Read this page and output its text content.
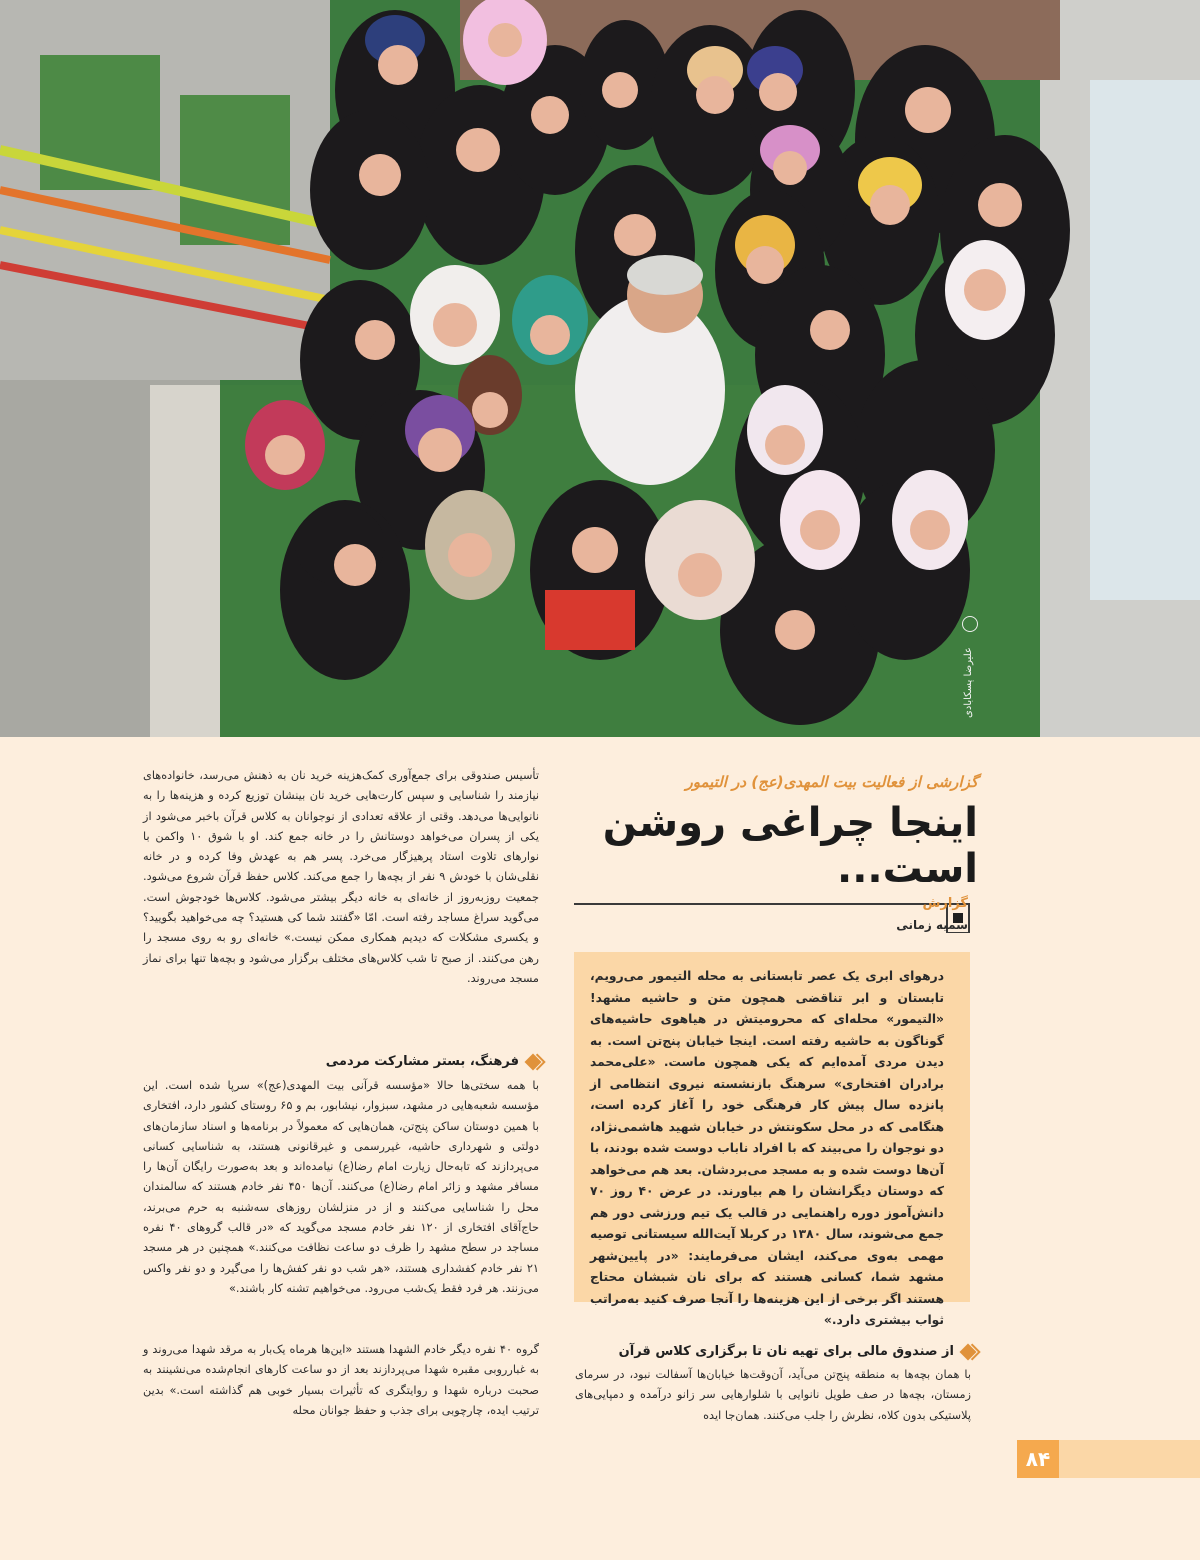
علیرضا پسکابادی
گزارشی از فعالیت بیت المهدی(عج) در التیمور
اینجا چراغی روشن است...
گزارش
سمیه زمانی

درهوای ابری یک عصر تابستانی به محله التیمور می‌رویم، تابستان و ابر تناقضی همچون متن و حاشیه مشهد! «التیمور» محله‌ای که محرومیتش در هیاهوی حاشیه‌های گوناگون به حاشیه رفته است. اینجا خیابان پنج‌تن است. به دیدن مردی آمده‌ایم که یکی همچون ماست. «علی‌محمد برادران افتخاری» سرهنگ بازنشسته نیروی انتظامی از پانزده سال پیش کار فرهنگی خود را آغاز کرده است، هنگامی که در محل سکونتش در خیابان شهید هاشمی‌نژاد، دو نوجوان را می‌بیند که با افراد ناباب دوست شده بودند، با آن‌ها دوست شده و به مسجد می‌بردشان. بعد هم می‌خواهد که دوستان دیگرانشان را هم بیاورند. در عرض ۴۰ روز ۷۰ دانش‌آموز دوره راهنمایی در قالب یک تیم ورزشی دور هم جمع می‌شوند، سال ۱۳۸۰ در کربلا آیت‌الله سیستانی توصیه مهمی به‌وی می‌کند، ایشان می‌فرمایند: «در پایین‌شهر مشهد شما، کسانی هستند که برای نان شبشان محتاج هستند اگر برخی از این هزینه‌ها را آنجا صرف کنید به‌مراتب ثواب بیشتری دارد.»

از صندوق مالی برای تهیه نان تا برگزاری کلاس قرآن
با همان بچه‌ها به منطقه پنج‌تن می‌آید، آن‌وقت‌ها خیابان‌ها آسفالت نبود، در سرمای زمستان، بچه‌ها در صف طویل نانوایی با شلوارهایی سر زانو درآمده و دمپایی‌های پلاستیکی بدون کلاه، نظرش را جلب می‌کنند. همان‌جا ایده
تأسیس صندوقی برای جمع‌آوری کمک‌هزینه خرید نان به ذهنش می‌رسد، خانواده‌های نیازمند را شناسایی و سپس کارت‌هایی خرید نان بینشان توزیع کرده و هزینه‌ها را به نانوایی‌ها می‌دهد. وقتی از علاقه تعدادی از نوجوانان به کلاس قرآن باخبر می‌شود از یکی از پسران می‌خواهد دوستانش را در خانه جمع کند. او با شوق ۱۰ واکمن با نوارهای تلاوت استاد پرهیزگار می‌خرد. پسر هم به عهدش وفا کرده و در خانه نقلی‌شان با خودش ۹ نفر از بچه‌ها را جمع می‌کند. کلاس حفظ قرآن شروع می‌شود. جمعیت روزبه‌روز از خانه‌ای به خانه دیگر بیشتر می‌شود. کلاس‌ها خودجوش است. می‌گوید سراغ مساجد رفته است. امّا «گفتند شما کی هستید؟ چه می‌خواهید بگویید؟ و یکسری مشکلات که دیدیم همکاری ممکن نیست.» خانه‌ای رو به روی مسجد را رهن می‌کنند. از صبح تا شب کلاس‌های مختلف برگزار می‌شود و بچه‌ها تنها برای نماز مسجد می‌روند.
فرهنگ، بستر مشارکت مردمی
با همه سختی‌ها حالا «مؤسسه قرآنی بیت المهدی(عج)» سرپا شده است. این مؤسسه شعبه‌هایی در مشهد، سبزوار، نیشابور، بم و ۶۵ روستای کشور دارد، افتخاری با همین دوستان ساکن پنج‌تن، همان‌هایی که معمولاً در برنامه‌ها و اسناد سازمان‌های دولتی و شهرداری حاشیه، غیررسمی و غیرقانونی هستند، به شناسایی کسانی می‌پردازند که تابه‌حال زیارت امام رضا(ع) نیامده‌اند و بعد به‌صورت رایگان آن‌ها را مسافر مشهد و زائر امام رضا(ع) می‌کنند. آن‌ها ۴۵۰ نفر خادم هستند که سالمندان محل را شناسایی می‌کنند و از در منزلشان روزهای سه‌شنبه به حرم می‌برند، حاج‌آقای افتخاری از ۱۲۰ نفر خادم مسجد می‌گوید که «در قالب گروهای ۴۰ نفره مساجد در سطح مشهد را ظرف دو ساعت نظافت می‌کنند.» همچنین در هر مسجد ۲۱ نفر خادم کفشداری هستند، «هر شب دو نفر کفش‌ها را می‌گیرد و دو نفر واکس می‌زنند. هر فرد فقط یک‌شب می‌رود. می‌خواهیم تشنه کار باشند.»
گروه ۴۰ نفره دیگر خادم الشهدا هستند «این‌ها هرماه یک‌بار به مرقد شهدا می‌روند و به غبارروبی مقبره شهدا می‌پردازند بعد از دو ساعت کارهای انجام‌شده می‌نشینند به صحبت درباره شهدا و روایتگری که تأثیرات بسیار خوبی هم گذاشته است.» بدین ترتیب ایده، چارچوبی برای جذب و حفظ جوانان محله
۸۴
